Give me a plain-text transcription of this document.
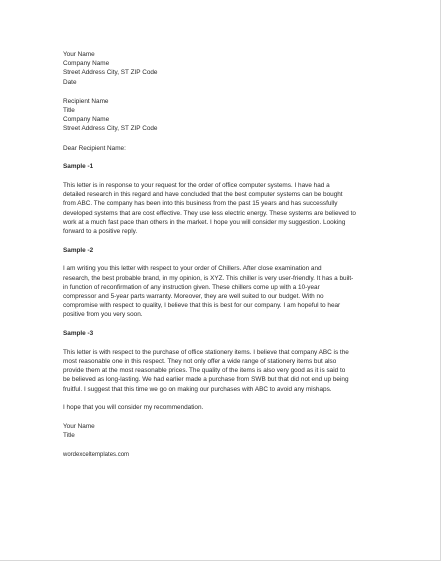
Your Name
Company Name
Street Address City, ST ZIP Code
Date
Recipient Name
Title
Company Name
Street Address City, ST ZIP Code
Dear Recipient Name:
Sample -1
This letter is in response to your request for the order of office computer systems. I have had a
detailed research in this regard and have concluded that the best computer systems can be bought
from ABC. The company has been into this business from the past 15 years and has successfully
developed systems that are cost effective. They use less electric energy. These systems are believed to
work at a much fast pace than others in the market. I hope you will consider my suggestion. Looking
forward to a positive reply.
Sample -2
I am writing you this letter with respect to your order of Chillers. After close examination and
research, the best probable brand, in my opinion, is XYZ. This chiller is very user-friendly. It has a built-
in function of reconfirmation of any instruction given. These chillers come up with a 10-year
compressor and 5-year parts warranty. Moreover, they are well suited to our budget. With no
compromise with respect to quality, I believe that this is best for our company. I am hopeful to hear
positive from you very soon.
Sample -3
This letter is with respect to the purchase of office stationery items. I believe that company ABC is the
most reasonable one in this respect. They not only offer a wide range of stationery items but also
provide them at the most reasonable prices. The quality of the items is also very good as it is said to
be believed as long-lasting. We had earlier made a purchase from SWB but that did not end up being
fruitful. I suggest that this time we go on making our purchases with ABC to avoid any mishaps.
I hope that you will consider my recommendation.
Your Name
Title
wordexceltemplates.com
